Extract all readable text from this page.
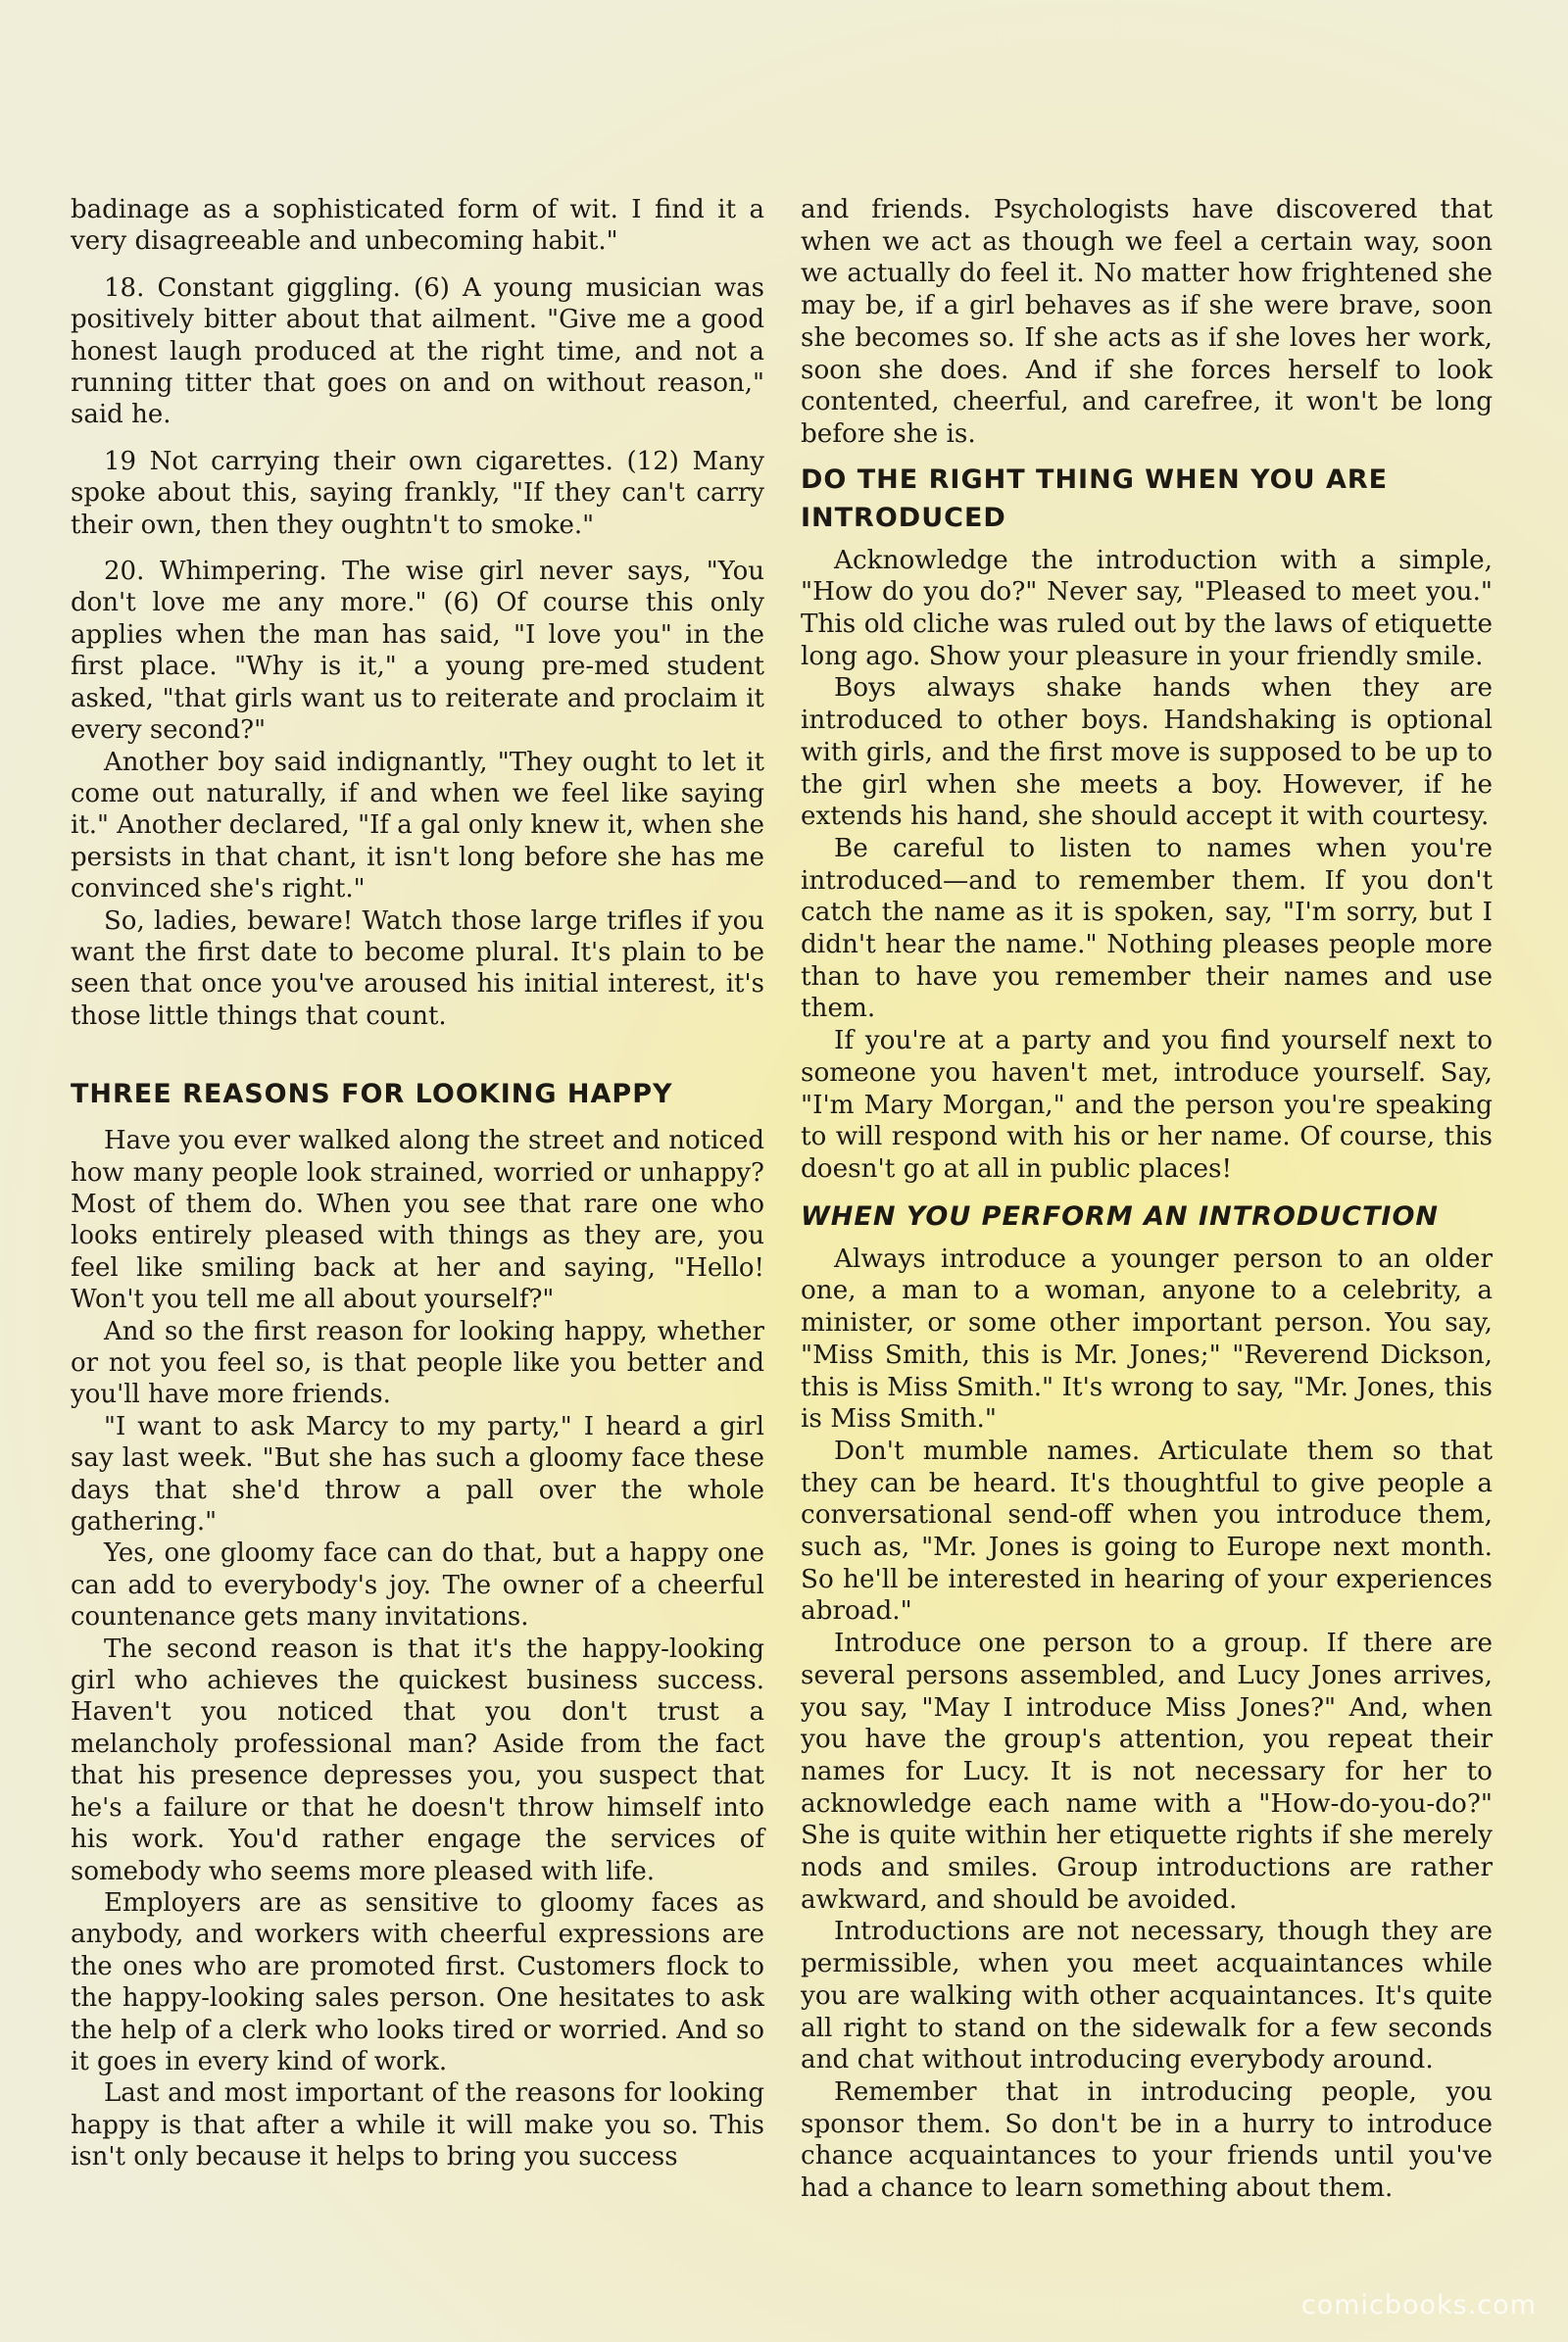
badinage as a sophisticated form of wit. I find it a very disagreeable and unbecoming habit."

18. Constant giggling. (6) A young musician was positively bitter about that ailment. "Give me a good honest laugh produced at the right time, and not a running titter that goes on and on without reason," said he.

19 Not carrying their own cigarettes. (12) Many spoke about this, saying frankly, "If they can't carry their own, then they oughtn't to smoke."

20. Whimpering. The wise girl never says, "You don't love me any more." (6) Of course this only applies when the man has said, "I love you" in the first place. "Why is it," a young pre-med student asked, "that girls want us to reiterate and proclaim it every second?"

Another boy said indignantly, "They ought to let it come out naturally, if and when we feel like saying it." Another declared, "If a gal only knew it, when she persists in that chant, it isn't long before she has me convinced she's right."

So, ladies, beware! Watch those large trifles if you want the first date to become plural. It's plain to be seen that once you've aroused his initial interest, it's those little things that count.

THREE REASONS FOR LOOKING HAPPY

Have you ever walked along the street and noticed how many people look strained, worried or unhappy? Most of them do. When you see that rare one who looks entirely pleased with things as they are, you feel like smiling back at her and saying, "Hello! Won't you tell me all about yourself?"

And so the first reason for looking happy, whether or not you feel so, is that people like you better and you'll have more friends.

"I want to ask Marcy to my party," I heard a girl say last week. "But she has such a gloomy face these days that she'd throw a pall over the whole gathering."

Yes, one gloomy face can do that, but a happy one can add to everybody's joy. The owner of a cheerful countenance gets many invitations.

The second reason is that it's the happy-looking girl who achieves the quickest business success. Haven't you noticed that you don't trust a melancholy professional man? Aside from the fact that his presence depresses you, you suspect that he's a failure or that he doesn't throw himself into his work. You'd rather engage the services of somebody who seems more pleased with life.

Employers are as sensitive to gloomy faces as anybody, and workers with cheerful expressions are the ones who are promoted first. Customers flock to the happy-looking sales person. One hesitates to ask the help of a clerk who looks tired or worried. And so it goes in every kind of work.

Last and most important of the reasons for looking happy is that after a while it will make you so. This isn't only because it helps to bring you success

and friends. Psychologists have discovered that when we act as though we feel a certain way, soon we actually do feel it. No matter how frightened she may be, if a girl behaves as if she were brave, soon she becomes so. If she acts as if she loves her work, soon she does. And if she forces herself to look contented, cheerful, and carefree, it won't be long before she is.

DO THE RIGHT THING WHEN YOU ARE INTRODUCED

Acknowledge the introduction with a simple, "How do you do?" Never say, "Pleased to meet you." This old cliche was ruled out by the laws of etiquette long ago. Show your pleasure in your friendly smile.

Boys always shake hands when they are introduced to other boys. Handshaking is optional with girls, and the first move is supposed to be up to the girl when she meets a boy. However, if he extends his hand, she should accept it with courtesy.

Be careful to listen to names when you're introduced—and to remember them. If you don't catch the name as it is spoken, say, "I'm sorry, but I didn't hear the name." Nothing pleases people more than to have you remember their names and use them.

If you're at a party and you find yourself next to someone you haven't met, introduce yourself. Say, "I'm Mary Morgan," and the person you're speaking to will respond with his or her name. Of course, this doesn't go at all in public places!

WHEN YOU PERFORM AN INTRODUCTION

Always introduce a younger person to an older one, a man to a woman, anyone to a celebrity, a minister, or some other important person. You say, "Miss Smith, this is Mr. Jones;" "Reverend Dickson, this is Miss Smith." It's wrong to say, "Mr. Jones, this is Miss Smith."

Don't mumble names. Articulate them so that they can be heard. It's thoughtful to give people a conversational send-off when you introduce them, such as, "Mr. Jones is going to Europe next month. So he'll be interested in hearing of your experiences abroad."

Introduce one person to a group. If there are several persons assembled, and Lucy Jones arrives, you say, "May I introduce Miss Jones?" And, when you have the group's attention, you repeat their names for Lucy. It is not necessary for her to acknowledge each name with a "How-do-you-do?" She is quite within her etiquette rights if she merely nods and smiles. Group introductions are rather awkward, and should be avoided.

Introductions are not necessary, though they are permissible, when you meet acquaintances while you are walking with other acquaintances. It's quite all right to stand on the sidewalk for a few seconds and chat without introducing everybody around.

Remember that in introducing people, you sponsor them. So don't be in a hurry to introduce chance acquaintances to your friends until you've had a chance to learn something about them.

comicbooks.com
